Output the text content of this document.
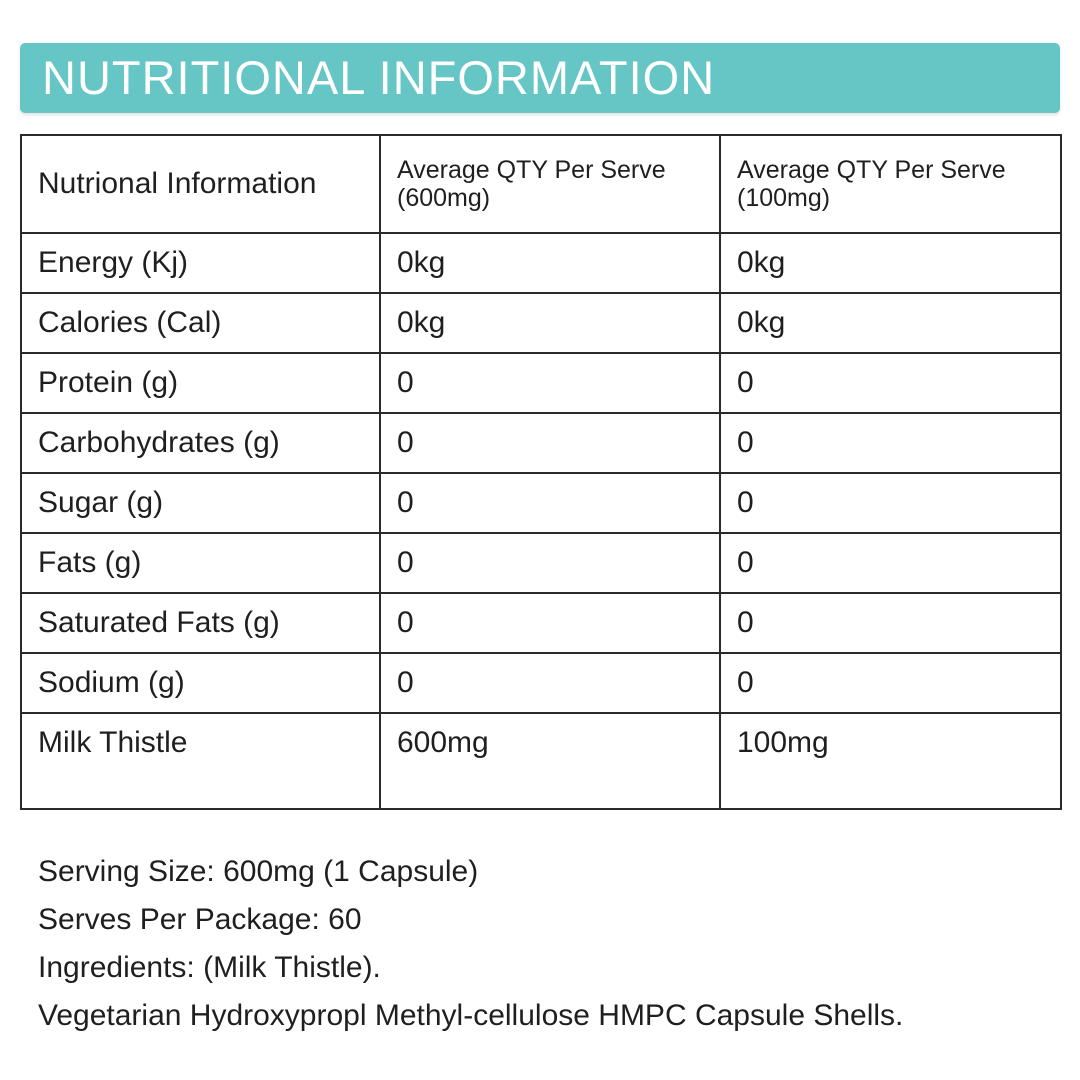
NUTRITIONAL INFORMATION
Nutrional Information	Average QTY Per Serve (600mg)	Average QTY Per Serve (100mg)

Energy (Kj)	0kg	0kg
Calories (Cal)	0kg	0kg
Protein (g)	0	0
Carbohydrates (g)	0	0
Sugar (g)	0	0
Fats (g)	0	0
Saturated Fats (g)	0	0
Sodium (g)	0	0
Milk Thistle	600mg	100mg
Serving Size: 600mg (1 Capsule)
Serves Per Package: 60
Ingredients: (Milk Thistle).
Vegetarian Hydroxypropl Methyl-cellulose HMPC Capsule Shells.
